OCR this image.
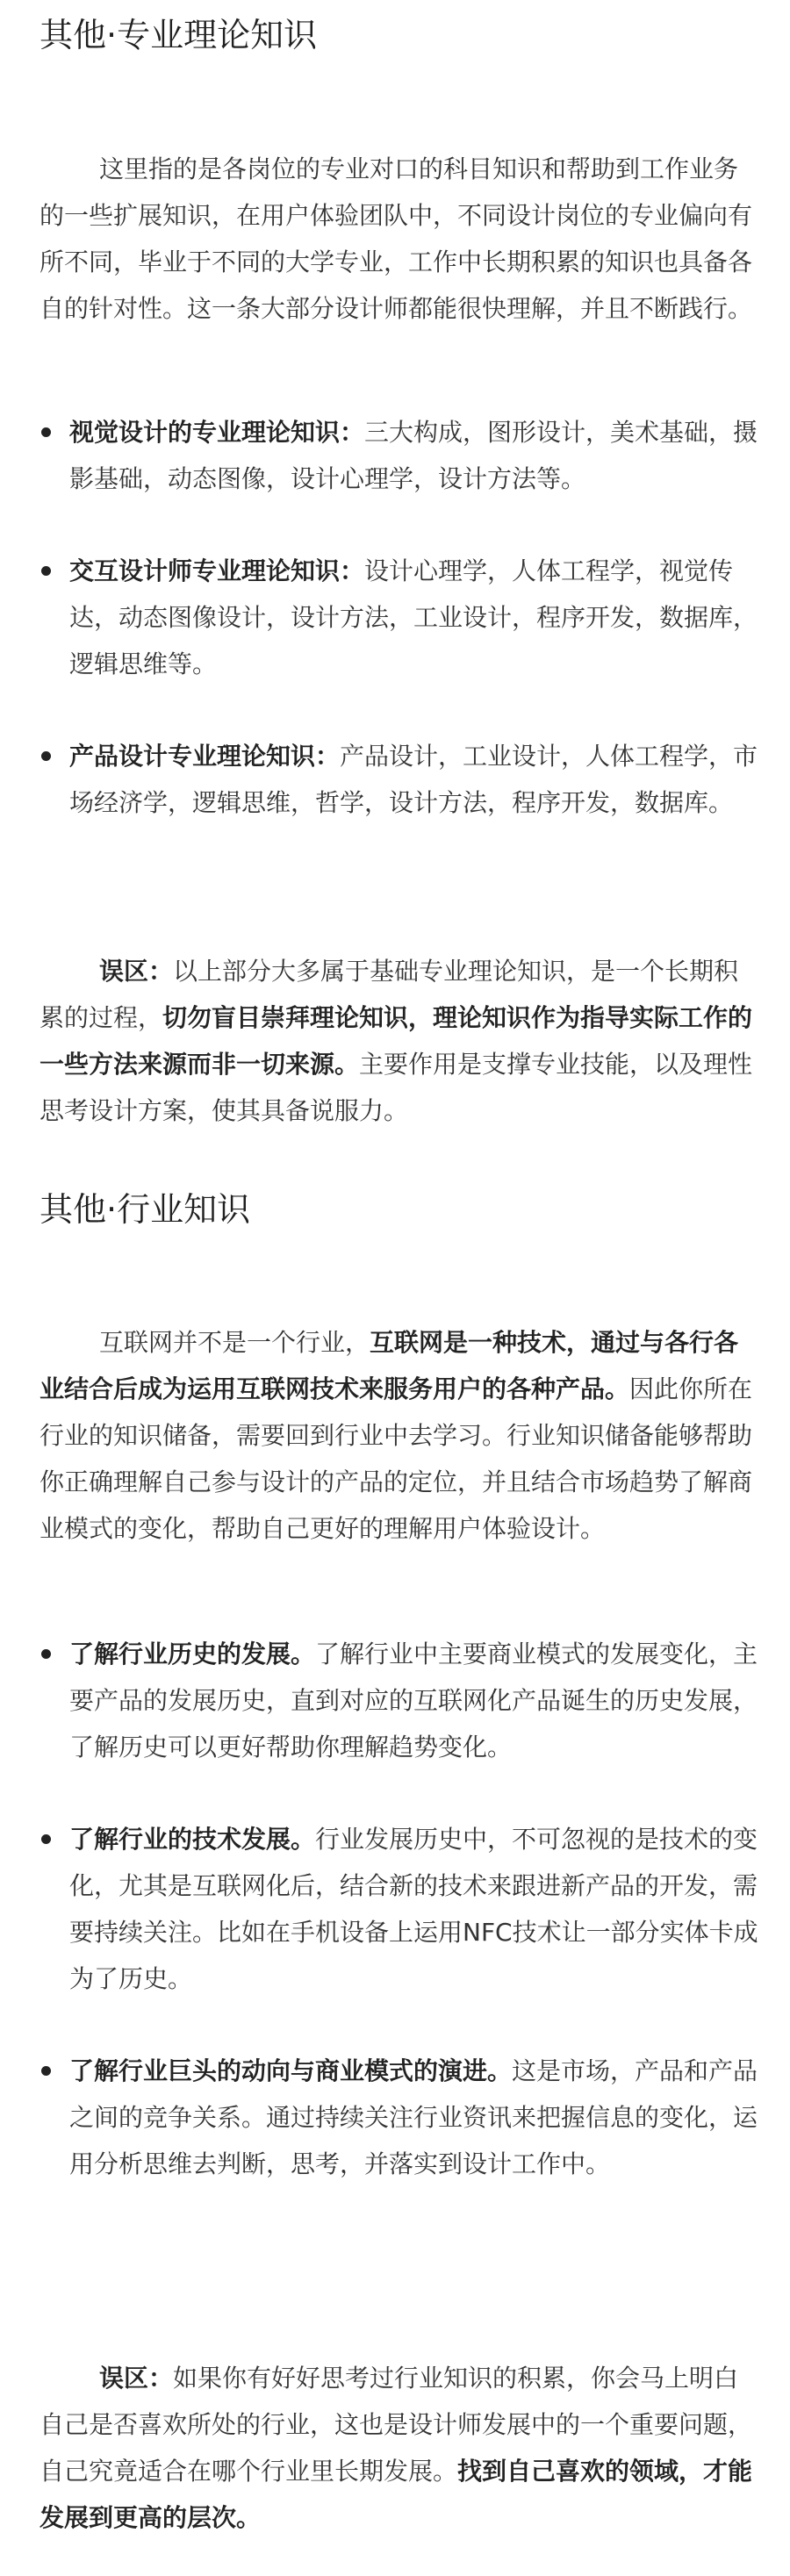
其他·专业理论知识

这里指的是各岗位的专业对口的科目知识和帮助到工作业务的一些扩展知识，在用户体验团队中，不同设计岗位的专业偏向有所不同，毕业于不同的大学专业，工作中长期积累的知识也具备各自的针对性。这一条大部分设计师都能很快理解，并且不断践行。

视觉设计的专业理论知识：三大构成，图形设计，美术基础，摄影基础，动态图像，设计心理学，设计方法等。
交互设计师专业理论知识：设计心理学，人体工程学，视觉传达，动态图像设计，设计方法，工业设计，程序开发，数据库，逻辑思维等。
产品设计专业理论知识：产品设计，工业设计，人体工程学，市场经济学，逻辑思维，哲学，设计方法，程序开发，数据库。

误区：以上部分大多属于基础专业理论知识，是一个长期积累的过程，切勿盲目崇拜理论知识，理论知识作为指导实际工作的一些方法来源而非一切来源。主要作用是支撑专业技能，以及理性思考设计方案，使其具备说服力。

其他·行业知识

互联网并不是一个行业，互联网是一种技术，通过与各行各业结合后成为运用互联网技术来服务用户的各种产品。因此你所在行业的知识储备，需要回到行业中去学习。行业知识储备能够帮助你正确理解自己参与设计的产品的定位，并且结合市场趋势了解商业模式的变化，帮助自己更好的理解用户体验设计。

了解行业历史的发展。了解行业中主要商业模式的发展变化，主要产品的发展历史，直到对应的互联网化产品诞生的历史发展，了解历史可以更好帮助你理解趋势变化。
了解行业的技术发展。行业发展历史中，不可忽视的是技术的变化，尤其是互联网化后，结合新的技术来跟进新产品的开发，需要持续关注。比如在手机设备上运用NFC技术让一部分实体卡成为了历史。
了解行业巨头的动向与商业模式的演进。这是市场，产品和产品之间的竞争关系。通过持续关注行业资讯来把握信息的变化，运用分析思维去判断，思考，并落实到设计工作中。

误区：如果你有好好思考过行业知识的积累，你会马上明白自己是否喜欢所处的行业，这也是设计师发展中的一个重要问题，自己究竟适合在哪个行业里长期发展。找到自己喜欢的领域，才能发展到更高的层次。
